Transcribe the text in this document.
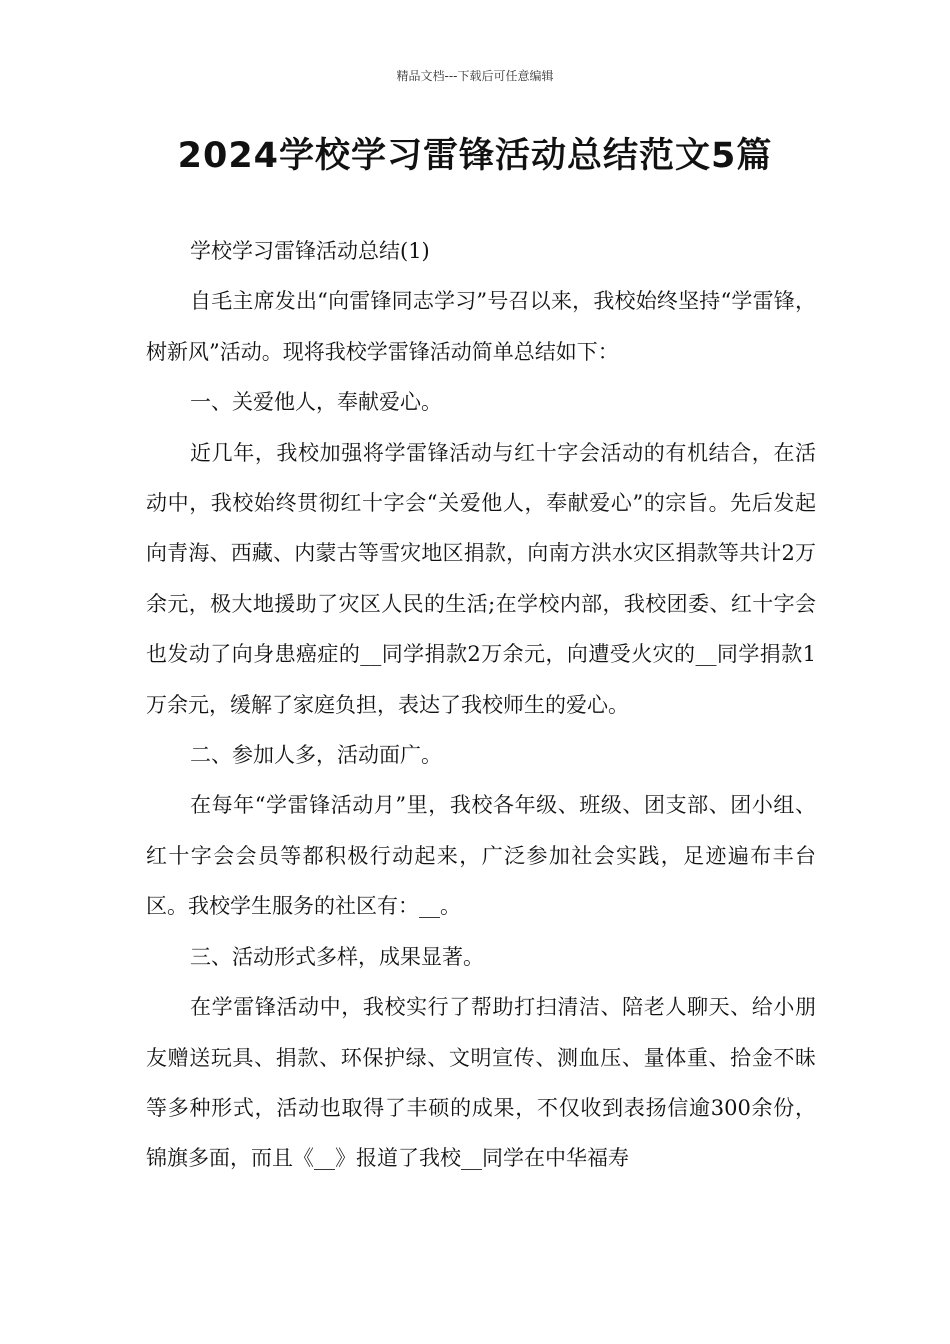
精品文档---下载后可任意编辑
2024学校学习雷锋活动总结范文5篇

学校学习雷锋活动总结(1)

自毛主席发出“向雷锋同志学习”号召以来，我校始终坚持“学雷锋，树新风”活动。现将我校学雷锋活动简单总结如下：

一、关爱他人，奉献爱心。

近几年，我校加强将学雷锋活动与红十字会活动的有机结合，在活动中，我校始终贯彻红十字会“关爱他人，奉献爱心”的宗旨。先后发起向青海、西藏、内蒙古等雪灾地区捐款，向南方洪水灾区捐款等共计2万余元，极大地援助了灾区人民的生活;在学校内部，我校团委、红十字会也发动了向身患癌症的__同学捐款2万余元，向遭受火灾的__同学捐款1万余元，缓解了家庭负担，表达了我校师生的爱心。

二、参加人多，活动面广。

在每年“学雷锋活动月”里，我校各年级、班级、团支部、团小组、红十字会会员等都积极行动起来，广泛参加社会实践，足迹遍布丰台区。我校学生服务的社区有：__。

三、活动形式多样，成果显著。

在学雷锋活动中，我校实行了帮助打扫清洁、陪老人聊天、给小朋友赠送玩具、捐款、环保护绿、文明宣传、测血压、量体重、拾金不昧等多种形式，活动也取得了丰硕的成果，不仅收到表扬信逾300余份，锦旗多面，而且《__》报道了我校__同学在中华福寿
